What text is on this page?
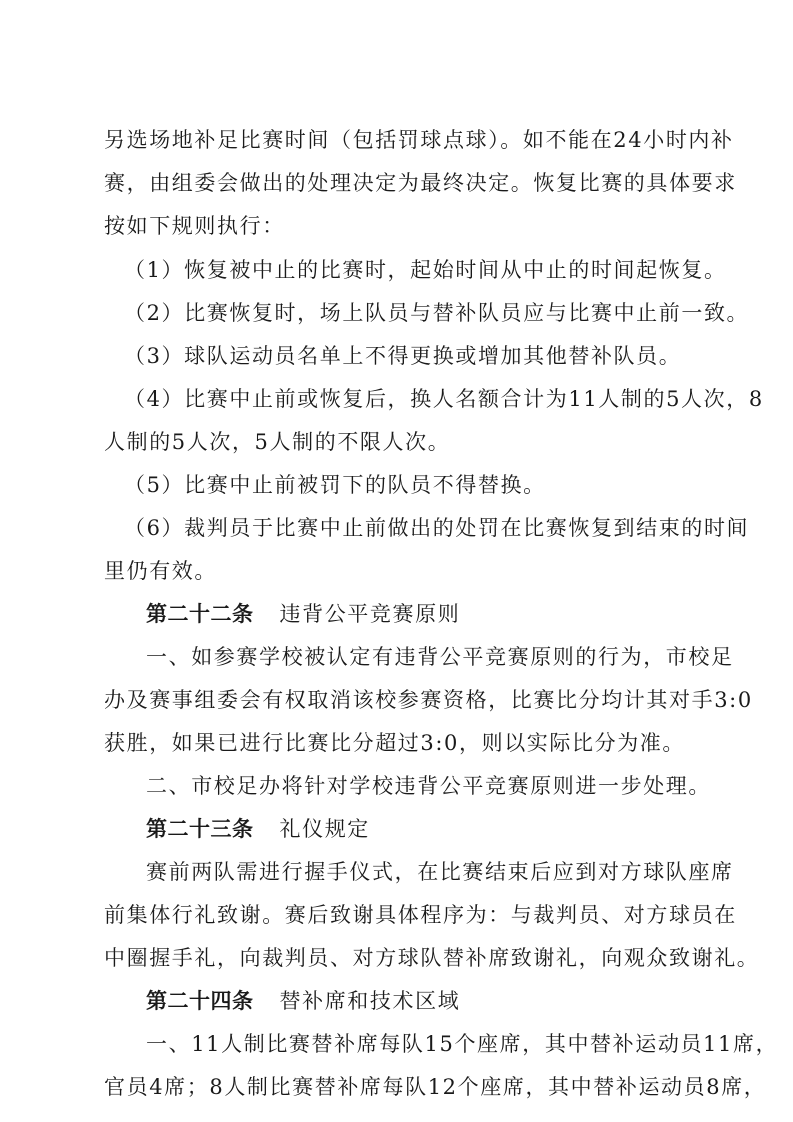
另选场地补足比赛时间（包括罚球点球）。如不能在24小时内补
赛，由组委会做出的处理决定为最终决定。恢复比赛的具体要求
按如下规则执行：
（1）恢复被中止的比赛时，起始时间从中止的时间起恢复。
（2）比赛恢复时，场上队员与替补队员应与比赛中止前一致。
（3）球队运动员名单上不得更换或增加其他替补队员。
（4）比赛中止前或恢复后，换人名额合计为11人制的5人次，8
人制的5人次，5人制的不限人次。
（5）比赛中止前被罚下的队员不得替换。
（6）裁判员于比赛中止前做出的处罚在比赛恢复到结束的时间
里仍有效。
第二十二条 违背公平竞赛原则
一、如参赛学校被认定有违背公平竞赛原则的行为，市校足
办及赛事组委会有权取消该校参赛资格，比赛比分均计其对手3:0
获胜，如果已进行比赛比分超过3:0，则以实际比分为准。
二、市校足办将针对学校违背公平竞赛原则进一步处理。
第二十三条 礼仪规定
赛前两队需进行握手仪式，在比赛结束后应到对方球队座席
前集体行礼致谢。赛后致谢具体程序为：与裁判员、对方球员在
中圈握手礼，向裁判员、对方球队替补席致谢礼，向观众致谢礼。
第二十四条 替补席和技术区域
一、11人制比赛替补席每队15个座席，其中替补运动员11席，
官员4席；8人制比赛替补席每队12个座席，其中替补运动员8席，
